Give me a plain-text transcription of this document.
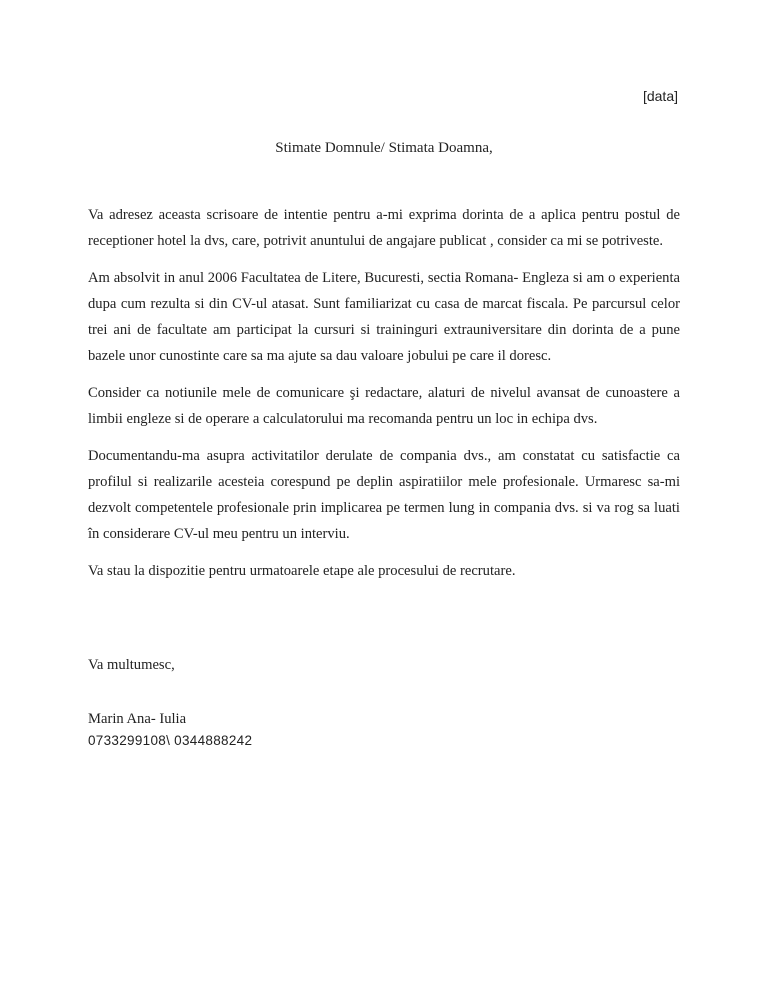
[data]
Stimate Domnule/ Stimata Doamna,

Va adresez aceasta scrisoare de intentie pentru a-mi exprima dorinta de a aplica pentru postul de receptioner hotel la dvs, care, potrivit anuntului de angajare publicat , consider ca mi se potriveste.

Am absolvit in anul 2006 Facultatea de Litere, Bucuresti, sectia Romana- Engleza si am o experienta dupa cum rezulta si din CV-ul atasat. Sunt familiarizat cu casa de marcat fiscala. Pe parcursul celor trei ani de facultate am participat la cursuri si traininguri extrauniversitare din dorinta de a pune bazele unor cunostinte care sa ma ajute sa dau valoare jobului pe care il doresc.

Consider ca notiunile mele de comunicare şi redactare, alaturi de nivelul avansat de cunoastere a limbii engleze si de operare a calculatorului ma recomanda pentru un loc in echipa dvs.

Documentandu-ma asupra activitatilor derulate de compania dvs., am constatat cu satisfactie ca profilul si realizarile acesteia corespund pe deplin aspiratiilor mele profesionale. Urmaresc sa-mi dezvolt competentele profesionale prin implicarea pe termen lung in compania dvs. si va rog sa luati în considerare CV-ul meu pentru un interviu.

Va stau la dispozitie pentru urmatoarele etape ale procesului de recrutare.

Va multumesc,
Marin Ana- Iulia
0733299108\ 0344888242
